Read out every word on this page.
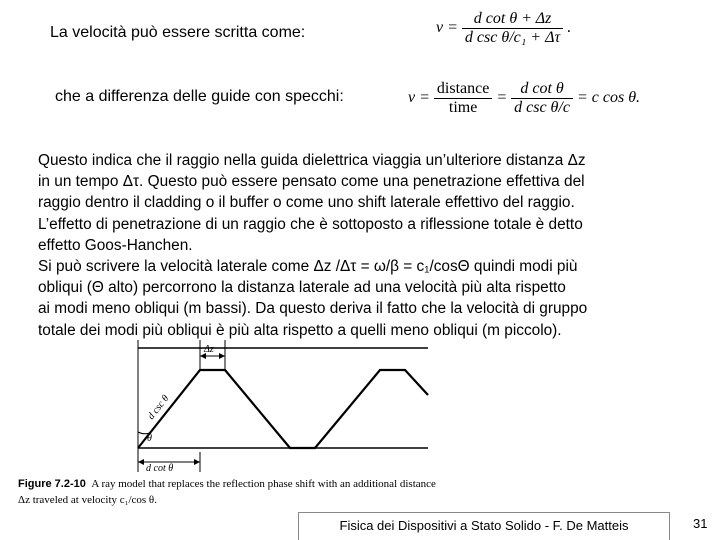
La velocità può essere scritta come:	$v = \frac{\text{d cot θ + Δz}}{\text{d csc θ/c₁ + Δτ}}$ .
che a differenza delle guide con specchi:	$v = \frac{\text{distance}}{\text{time}} = \frac{\text{d cot θ}}{\text{d csc θ/c}} = c$ cos θ.

Questo indica che il raggio nella guida dielettrica viaggia un’ulteriore distanza Δz

in un tempo Δτ. Questo può essere pensato come una penetrazione effettiva del

raggio dentro il cladding o il buffer o come uno shift laterale effettivo del raggio.

L’effetto di penetrazione di un raggio che è sottoposto a riflessione totale è detto

effetto Goos-Hanchen.

Si può scrivere la velocità laterale come Δz /Δτ = ω/β = c₁/cosΘ quindi modi più

obliqui (Θ alto) percorrono la distanza laterale ad una velocità più alta rispetto

ai modi meno obliqui (m bassi). Da questo deriva il fatto che la velocità di gruppo

totale dei modi più obliqui è più alta rispetto a quelli meno obliqui (m piccolo).

Δz
d csc θ
θ
d cot θ
Figure 7.2-10 A ray model that replaces the reflection phase shift with an additional distance
Δz traveled at velocity c₁/cos θ.
Fisica dei Dispositivi a Stato Solido - F. De Matteis	31
